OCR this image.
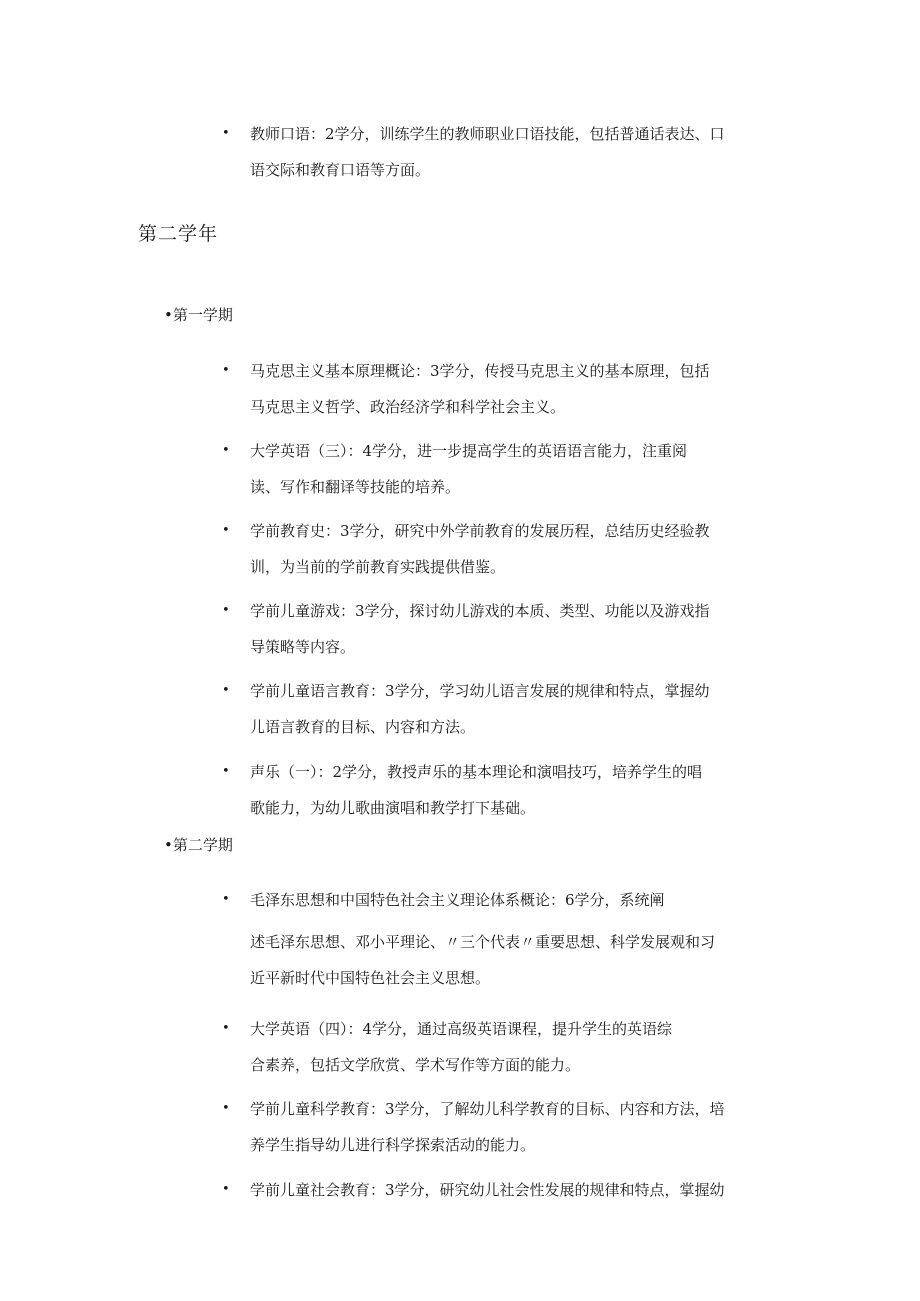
• 教师口语：2学分，训练学生的教师职业口语技能，包括普通话表达、口
语交际和教育口语等方面。
第二学年

•第一学期

• 马克思主义基本原理概论：3学分，传授马克思主义的基本原理，包括
马克思主义哲学、政治经济学和科学社会主义。
• 大学英语（三）：4学分，进一步提高学生的英语语言能力，注重阅
读、写作和翻译等技能的培养。
• 学前教育史：3学分，研究中外学前教育的发展历程，总结历史经验教
训，为当前的学前教育实践提供借鉴。
• 学前儿童游戏：3学分，探讨幼儿游戏的本质、类型、功能以及游戏指
导策略等内容。
• 学前儿童语言教育：3学分，学习幼儿语言发展的规律和特点，掌握幼
儿语言教育的目标、内容和方法。
• 声乐（一）：2学分，教授声乐的基本理论和演唱技巧，培养学生的唱
歌能力，为幼儿歌曲演唱和教学打下基础。

•第二学期

• 毛泽东思想和中国特色社会主义理论体系概论：6学分，系统阐
述毛泽东思想、邓小平理论、〃三个代表〃重要思想、科学发展观和习
近平新时代中国特色社会主义思想。
• 大学英语（四）：4学分，通过高级英语课程，提升学生的英语综
合素养，包括文学欣赏、学术写作等方面的能力。
• 学前儿童科学教育：3学分，了解幼儿科学教育的目标、内容和方法，培
养学生指导幼儿进行科学探索活动的能力。
• 学前儿童社会教育：3学分，研究幼儿社会性发展的规律和特点，掌握幼
